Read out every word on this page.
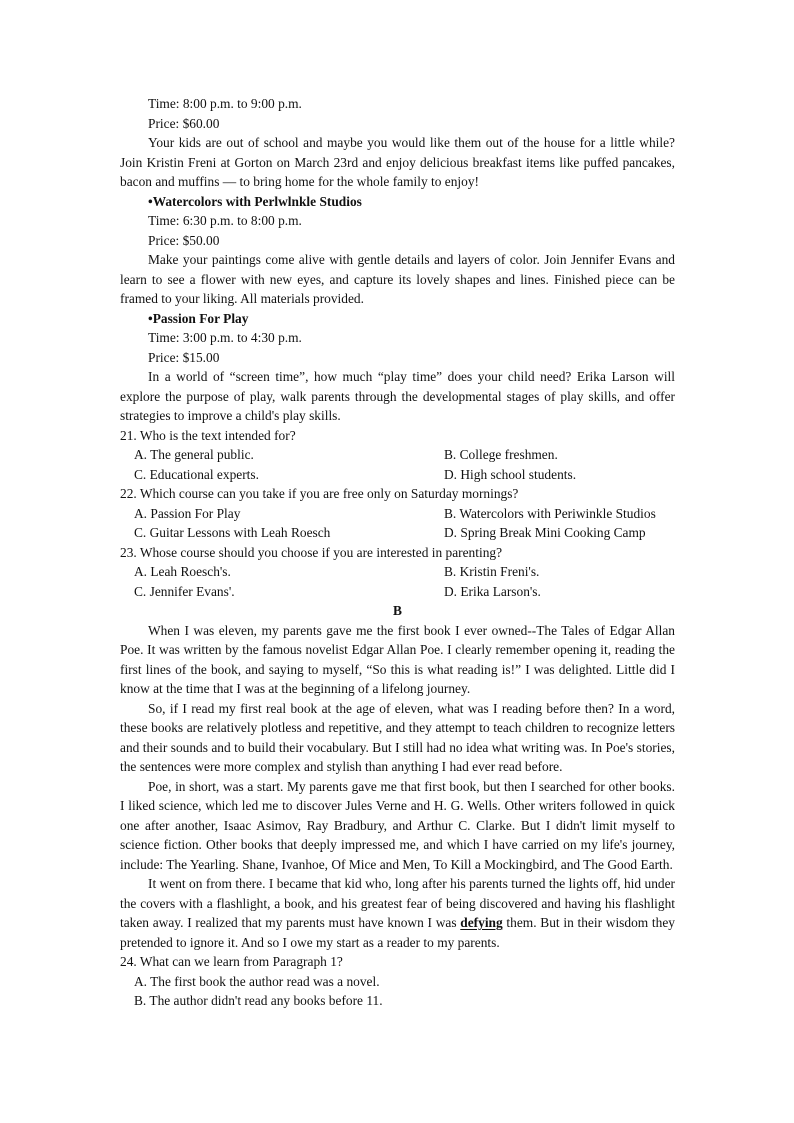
Time: 8:00 p.m. to 9:00 p.m.
Price: $60.00
Your kids are out of school and maybe you would like them out of the house for a little while? Join Kristin Freni at Gorton on March 23rd and enjoy delicious breakfast items like puffed pancakes, bacon and muffins — to bring home for the whole family to enjoy!
•Watercolors with Perlwlnkle Studios
Time: 6:30 p.m. to 8:00 p.m.
Price: $50.00
Make your paintings come alive with gentle details and layers of color. Join Jennifer Evans and learn to see a flower with new eyes, and capture its lovely shapes and lines. Finished piece can be framed to your liking. All materials provided.
•Passion For Play
Time: 3:00 p.m. to 4:30 p.m.
Price: $15.00
In a world of “screen time”, how much “play time” does your child need? Erika Larson will explore the purpose of play, walk parents through the developmental stages of play skills, and offer strategies to improve a child's play skills.
21. Who is the text intended for?
A. The general public.	B. College freshmen.
C. Educational experts.	D. High school students.
22. Which course can you take if you are free only on Saturday mornings?
A. Passion For Play	B. Watercolors with Periwinkle Studios
C. Guitar Lessons with Leah Roesch	D. Spring Break Mini Cooking Camp
23. Whose course should you choose if you are interested in parenting?
A. Leah Roesch's.	B. Kristin Freni's.
C. Jennifer Evans'.	D. Erika Larson's.
B
When I was eleven, my parents gave me the first book I ever owned--The Tales of Edgar Allan Poe. It was written by the famous novelist Edgar Allan Poe. I clearly remember opening it, reading the first lines of the book, and saying to myself, “So this is what reading is!” I was delighted. Little did I know at the time that I was at the beginning of a lifelong journey.
So, if I read my first real book at the age of eleven, what was I reading before then? In a word, these books are relatively plotless and repetitive, and they attempt to teach children to recognize letters and their sounds and to build their vocabulary. But I still had no idea what writing was. In Poe's stories, the sentences were more complex and stylish than anything I had ever read before.
Poe, in short, was a start. My parents gave me that first book, but then I searched for other books. I liked science, which led me to discover Jules Verne and H. G. Wells. Other writers followed in quick one after another, Isaac Asimov, Ray Bradbury, and Arthur C. Clarke. But I didn't limit myself to science fiction. Other books that deeply impressed me, and which I have carried on my life's journey, include: The Yearling. Shane, Ivanhoe, Of Mice and Men, To Kill a Mockingbird, and The Good Earth.
It went on from there. I became that kid who, long after his parents turned the lights off, hid under the covers with a flashlight, a book, and his greatest fear of being discovered and having his flashlight taken away. I realized that my parents must have known I was defying them. But in their wisdom they pretended to ignore it. And so I owe my start as a reader to my parents.
24. What can we learn from Paragraph 1?
A. The first book the author read was a novel.
B. The author didn't read any books before 11.
